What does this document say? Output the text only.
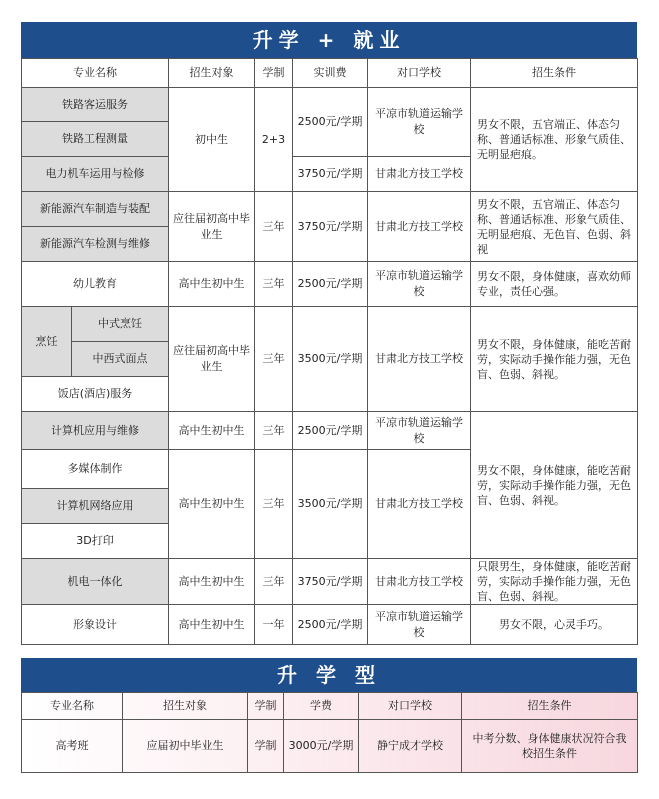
升学 + 就业
专业名称		招生对象	学制	实训费	对口学校	招生条件
铁路客运服务		初中生	2+3	2500元/学期	平凉市轨道运输学校	男女不限，五官端正、体态匀称、普通话标准、形象气质佳、无明显疤痕。
铁路工程测量						
电力机车运用与检修				3750元/学期	甘肃北方技工学校	
新能源汽车制造与装配		应往届初高中毕业生	三年	3750元/学期	甘肃北方技工学校	男女不限，五官端正、体态匀称、普通话标准、形象气质佳、无明显疤痕、无色盲、色弱、斜视
新能源汽车检测与维修						
幼儿教育		高中生初中生	三年	2500元/学期	平凉市轨道运输学校	男女不限，身体健康，喜欢幼师专业，责任心强。
烹饪	中式烹饪	应往届初高中毕业生	三年	3500元/学期	甘肃北方技工学校	男女不限，身体健康，能吃苦耐劳，实际动手操作能力强，无色盲、色弱、斜视。
	中西式面点					
饭店(酒店)服务						
计算机应用与维修		高中生初中生	三年	2500元/学期	平凉市轨道运输学校	男女不限，身体健康，能吃苦耐劳，实际动手操作能力强，无色盲、色弱、斜视。
多媒体制作		高中生初中生	三年	3500元/学期	甘肃北方技工学校	
计算机网络应用						
3D打印						
机电一体化		高中生初中生	三年	3750元/学期	甘肃北方技工学校	只限男生，身体健康，能吃苦耐劳，实际动手操作能力强，无色盲、色弱、斜视。
形象设计		高中生初中生	一年	2500元/学期	平凉市轨道运输学校	男女不限，心灵手巧。
升 学 型
专业名称	招生对象	学制	学费	对口学校	招生条件
高考班	应届初中毕业生	学制	3000元/学期	静宁成才学校	中考分数、身体健康状况符合我校招生条件
